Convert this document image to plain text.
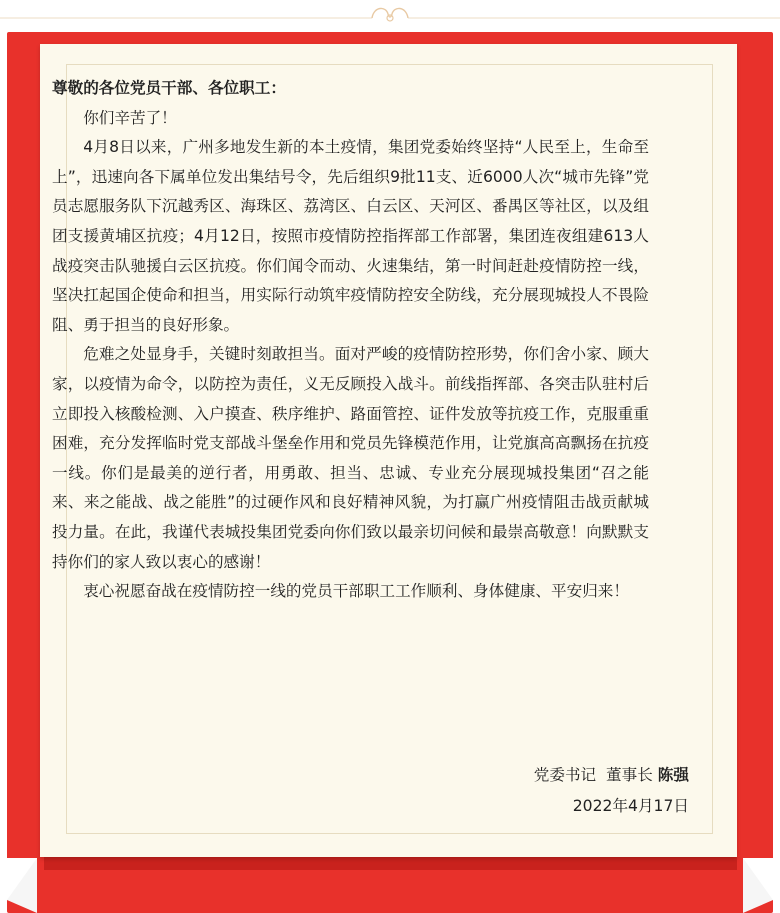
尊敬的各位党员干部、各位职工：

你们辛苦了！

4月8日以来，广州多地发生新的本土疫情，集团党委始终坚持“人民至上，生命至上”，迅速向各下属单位发出集结号令，先后组织9批11支、近6000人次“城市先锋”党员志愿服务队下沉越秀区、海珠区、荔湾区、白云区、天河区、番禺区等社区，以及组团支援黄埔区抗疫；4月12日，按照市疫情防控指挥部工作部署，集团连夜组建613人战疫突击队驰援白云区抗疫。你们闻令而动、火速集结，第一时间赶赴疫情防控一线，坚决扛起国企使命和担当，用实际行动筑牢疫情防控安全防线，充分展现城投人不畏险阻、勇于担当的良好形象。

危难之处显身手，关键时刻敢担当。面对严峻的疫情防控形势，你们舍小家、顾大家，以疫情为命令，以防控为责任，义无反顾投入战斗。前线指挥部、各突击队驻村后立即投入核酸检测、入户摸查、秩序维护、路面管控、证件发放等抗疫工作，克服重重困难，充分发挥临时党支部战斗堡垒作用和党员先锋模范作用，让党旗高高飘扬在抗疫一线。你们是最美的逆行者，用勇敢、担当、忠诚、专业充分展现城投集团“召之能来、来之能战、战之能胜”的过硬作风和良好精神风貌，为打赢广州疫情阻击战贡献城投力量。在此，我谨代表城投集团党委向你们致以最亲切问候和最崇高敬意！向默默支持你们的家人致以衷心的感谢！

衷心祝愿奋战在疫情防控一线的党员干部职工工作顺利、身体健康、平安归来！

党委书记  董事长 陈强
2022年4月17日
